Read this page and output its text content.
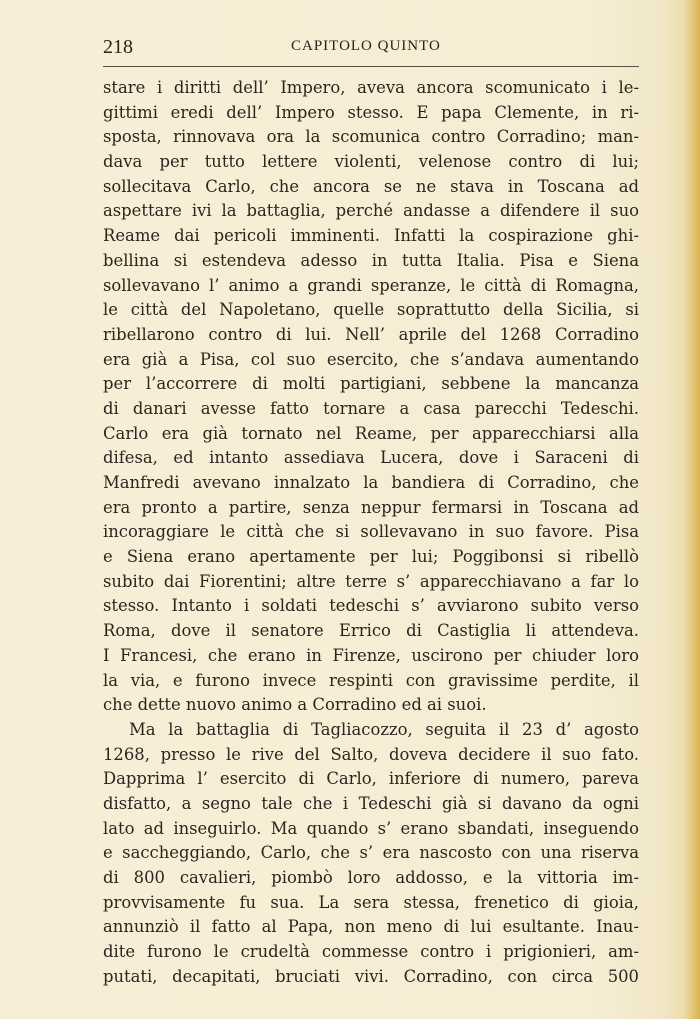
218	CAPITOLO QUINTO
stare i diritti dell’ Impero, aveva ancora scomunicato i le-
gittimi eredi dell’ Impero stesso. E papa Clemente, in ri-
sposta, rinnovava ora la scomunica contro Corradino; man-
dava per tutto lettere violenti, velenose contro di lui;
sollecitava Carlo, che ancora se ne stava in Toscana ad
aspettare ivi la battaglia, perché andasse a difendere il suo
Reame dai pericoli imminenti. Infatti la cospirazione ghi-
bellina si estendeva adesso in tutta Italia. Pisa e Siena
sollevavano l’ animo a grandi speranze, le città di Romagna,
le città del Napoletano, quelle soprattutto della Sicilia, si
ribellarono contro di lui. Nell’ aprile del 1268 Corradino
era già a Pisa, col suo esercito, che s’andava aumentando
per l’accorrere di molti partigiani, sebbene la mancanza
di danari avesse fatto tornare a casa parecchi Tedeschi.
Carlo era già tornato nel Reame, per apparecchiarsi alla
difesa, ed intanto assediava Lucera, dove i Saraceni di
Manfredi avevano innalzato la bandiera di Corradino, che
era pronto a partire, senza neppur fermarsi in Toscana ad
incoraggiare le città che si sollevavano in suo favore. Pisa
e Siena erano apertamente per lui; Poggibonsi si ribellò
subito dai Fiorentini; altre terre s’ apparecchiavano a far lo
stesso. Intanto i soldati tedeschi s’ avviarono subito verso
Roma, dove il senatore Errico di Castiglia li attendeva.
I Francesi, che erano in Firenze, uscirono per chiuder loro
la via, e furono invece respinti con gravissime perdite, il
che dette nuovo animo a Corradino ed ai suoi.
Ma la battaglia di Tagliacozzo, seguita il 23 d’ agosto
1268, presso le rive del Salto, doveva decidere il suo fato.
Dapprima l’ esercito di Carlo, inferiore di numero, pareva
disfatto, a segno tale che i Tedeschi già si davano da ogni
lato ad inseguirlo. Ma quando s’ erano sbandati, inseguendo
e saccheggiando, Carlo, che s’ era nascosto con una riserva
di 800 cavalieri, piombò loro addosso, e la vittoria im-
provvisamente fu sua. La sera stessa, frenetico di gioia,
annunziò il fatto al Papa, non meno di lui esultante. Inau-
dite furono le crudeltà commesse contro i prigionieri, am-
putati, decapitati, bruciati vivi. Corradino, con circa 500
